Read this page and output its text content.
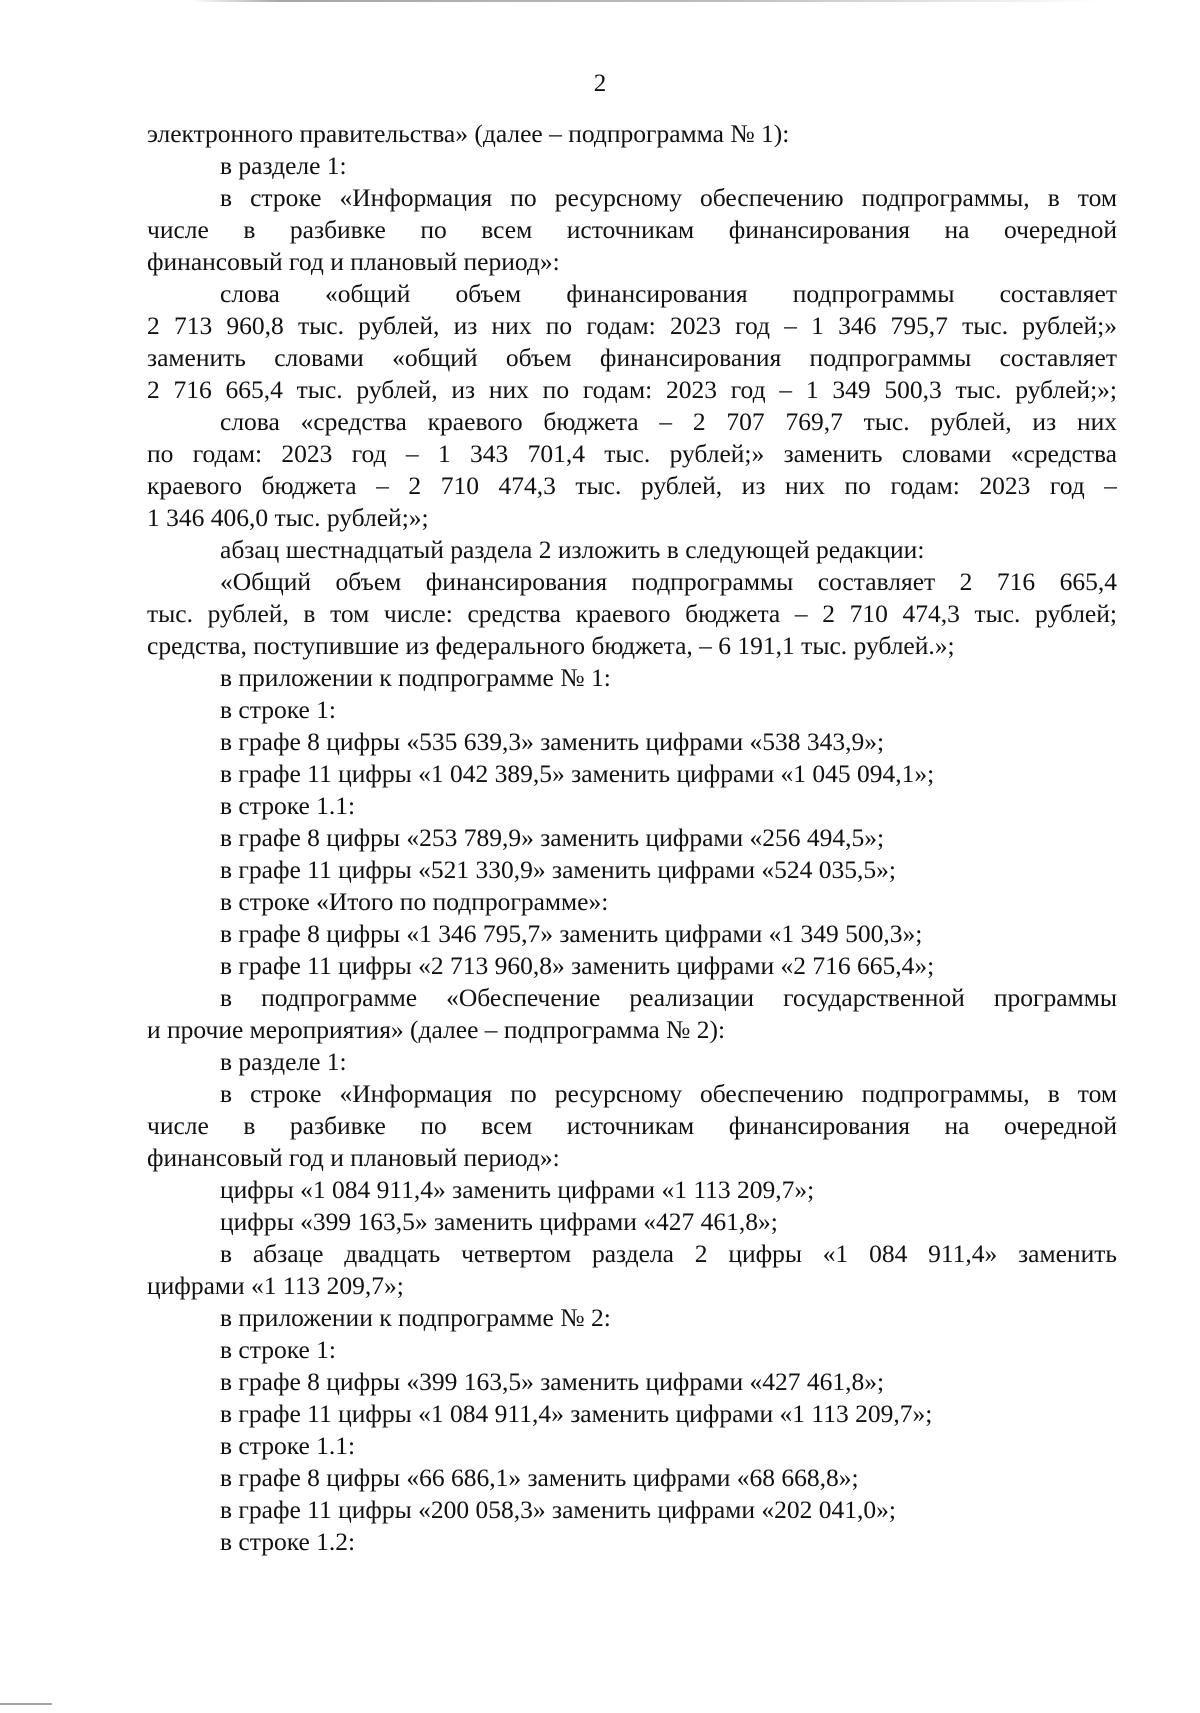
2
электронного правительства» (далее – подпрограмма № 1):
в разделе 1:
в строке «Информация по ресурсному обеспечению подпрограммы, в том
числе в разбивке по всем источникам финансирования на очередной
финансовый год и плановый период»:
слова «общий объем финансирования подпрограммы составляет
2 713 960,8 тыс. рублей, из них по годам: 2023 год – 1 346 795,7 тыс. рублей;»
заменить словами «общий объем финансирования подпрограммы составляет
2 716 665,4 тыс. рублей, из них по годам: 2023 год – 1 349 500,3 тыс. рублей;»;
слова «средства краевого бюджета – 2 707 769,7 тыс. рублей, из них
по годам: 2023 год – 1 343 701,4 тыс. рублей;» заменить словами «средства
краевого бюджета – 2 710 474,3 тыс. рублей, из них по годам: 2023 год –
1 346 406,0 тыс. рублей;»;
абзац шестнадцатый раздела 2 изложить в следующей редакции:
«Общий объем финансирования подпрограммы составляет 2 716 665,4
тыс. рублей, в том числе: средства краевого бюджета – 2 710 474,3 тыс. рублей;
средства, поступившие из федерального бюджета, – 6 191,1 тыс. рублей.»;
в приложении к подпрограмме № 1:
в строке 1:
в графе 8 цифры «535 639,3» заменить цифрами «538 343,9»;
в графе 11 цифры «1 042 389,5» заменить цифрами «1 045 094,1»;
в строке 1.1:
в графе 8 цифры «253 789,9» заменить цифрами «256 494,5»;
в графе 11 цифры «521 330,9» заменить цифрами «524 035,5»;
в строке «Итого по подпрограмме»:
в графе 8 цифры «1 346 795,7» заменить цифрами «1 349 500,3»;
в графе 11 цифры «2 713 960,8» заменить цифрами «2 716 665,4»;
в подпрограмме «Обеспечение реализации государственной программы
и прочие мероприятия» (далее – подпрограмма № 2):
в разделе 1:
в строке «Информация по ресурсному обеспечению подпрограммы, в том
числе в разбивке по всем источникам финансирования на очередной
финансовый год и плановый период»:
цифры «1 084 911,4» заменить цифрами «1 113 209,7»;
цифры «399 163,5» заменить цифрами «427 461,8»;
в абзаце двадцать четвертом раздела 2 цифры «1 084 911,4» заменить
цифрами «1 113 209,7»;
в приложении к подпрограмме № 2:
в строке 1:
в графе 8 цифры «399 163,5» заменить цифрами «427 461,8»;
в графе 11 цифры «1 084 911,4» заменить цифрами «1 113 209,7»;
в строке 1.1:
в графе 8 цифры «66 686,1» заменить цифрами «68 668,8»;
в графе 11 цифры «200 058,3» заменить цифрами «202 041,0»;
в строке 1.2:
